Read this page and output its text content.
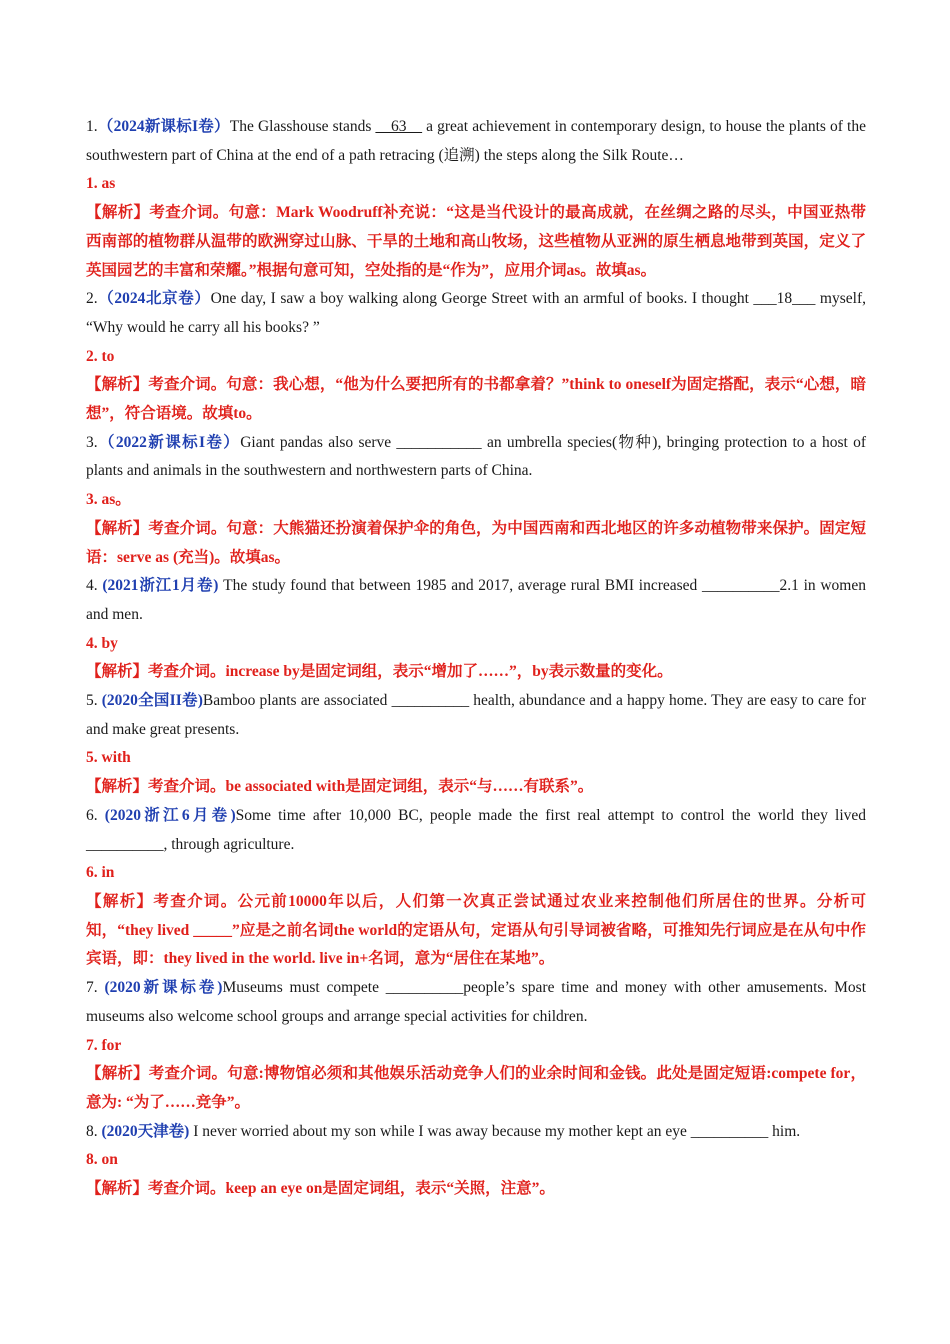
1.（2024新课标I卷）The Glasshouse stands __63__ a great achievement in contemporary design, to house the plants of the southwestern part of China at the end of a path retracing (追溯) the steps along the Silk Route…

1. as

【解析】考查介词。句意：Mark Woodruff补充说：“这是当代设计的最高成就，在丝绸之路的尽头，中国亚热带西南部的植物群从温带的欧洲穿过山脉、干旱的土地和高山牧场，这些植物从亚洲的原生栖息地带到英国，定义了英国园艺的丰富和荣耀。”根据句意可知，空处指的是“作为”，应用介词as。故填as。

2.（2024北京卷）One day, I saw a boy walking along George Street with an armful of books. I thought ___18___ myself, “Why would he carry all his books? ”

2. to

【解析】考查介词。句意：我心想，“他为什么要把所有的书都拿着？”think to oneself为固定搭配，表示“心想，暗想”，符合语境。故填to。

3.（2022新课标I卷）Giant pandas also serve ___________ an umbrella species(物种), bringing protection to a host of plants and animals in the southwestern and northwestern parts of China.

3. as。

【解析】考查介词。句意：大熊猫还扮演着保护伞的角色，为中国西南和西北地区的许多动植物带来保护。固定短语：serve as (充当)。故填as。

4. (2021浙江1月卷) The study found that between 1985 and 2017, average rural BMI increased __________2.1 in women and men.

4. by

【解析】考查介词。increase by是固定词组，表示“增加了……”，by表示数量的变化。

5. (2020全国II卷)Bamboo plants are associated __________ health, abundance and a happy home. They are easy to care for and make great presents.

5. with

【解析】考查介词。be associated with是固定词组，表示“与……有联系”。

6. (2020浙江6月卷)Some time after 10,000 BC, people made the first real attempt to control the world they lived __________, through agriculture.

6. in

【解析】考查介词。公元前10000年以后，人们第一次真正尝试通过农业来控制他们所居住的世界。分析可知，“they lived _____”应是之前名词the world的定语从句，定语从句引导词被省略，可推知先行词应是在从句中作宾语，即：they lived in the world. live in+名词，意为“居住在某地”。

7. (2020新课标卷)Museums must compete __________people’s spare time and money with other amusements. Most museums also welcome school groups and arrange special activities for children.

7. for

【解析】考查介词。句意:博物馆必须和其他娱乐活动竞争人们的业余时间和金钱。此处是固定短语:compete for，意为: “为了……竞争”。

8. (2020天津卷) I never worried about my son while I was away because my mother kept an eye __________ him.

8. on

【解析】考查介词。keep an eye on是固定词组，表示“关照，注意”。
